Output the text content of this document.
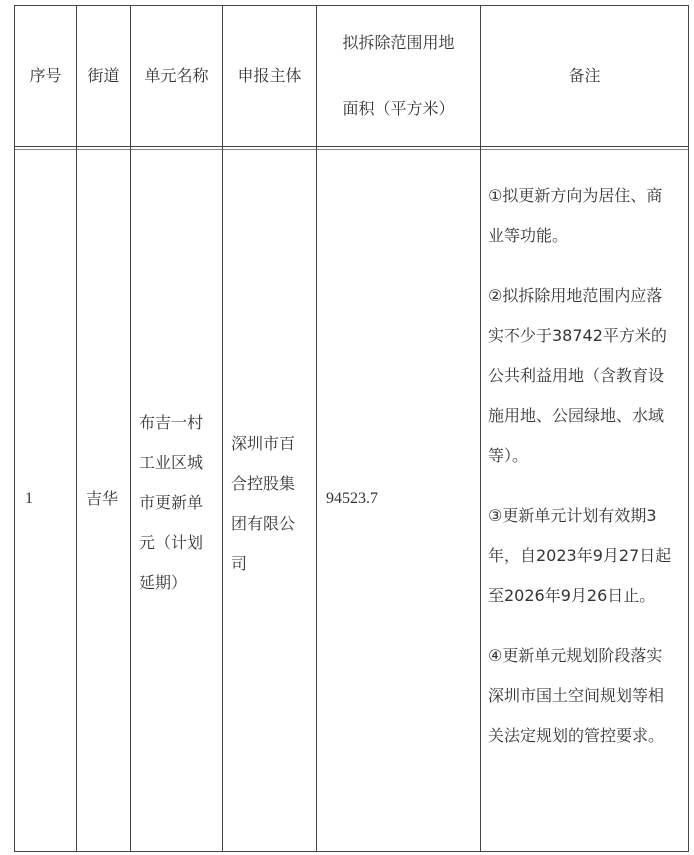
序号 街道 单元名称 申报主体
拟拆除范围用地
面积（平方米）
备注
1	吉华
布吉一村
工业区城
市更新单
元（计划
延期）
深圳市百
合控股集
团有限公
司
94523.7
①拟更新方向为居住、商业等功能。
②拟拆除用地范围内应落实不少于38742平方米的公共利益用地（含教育设施用地、公园绿地、水域等）。
③更新单元计划有效期3年，自2023年9月27日起至2026年9月26日止。
④更新单元规划阶段落实深圳市国土空间规划等相关法定规划的管控要求。
